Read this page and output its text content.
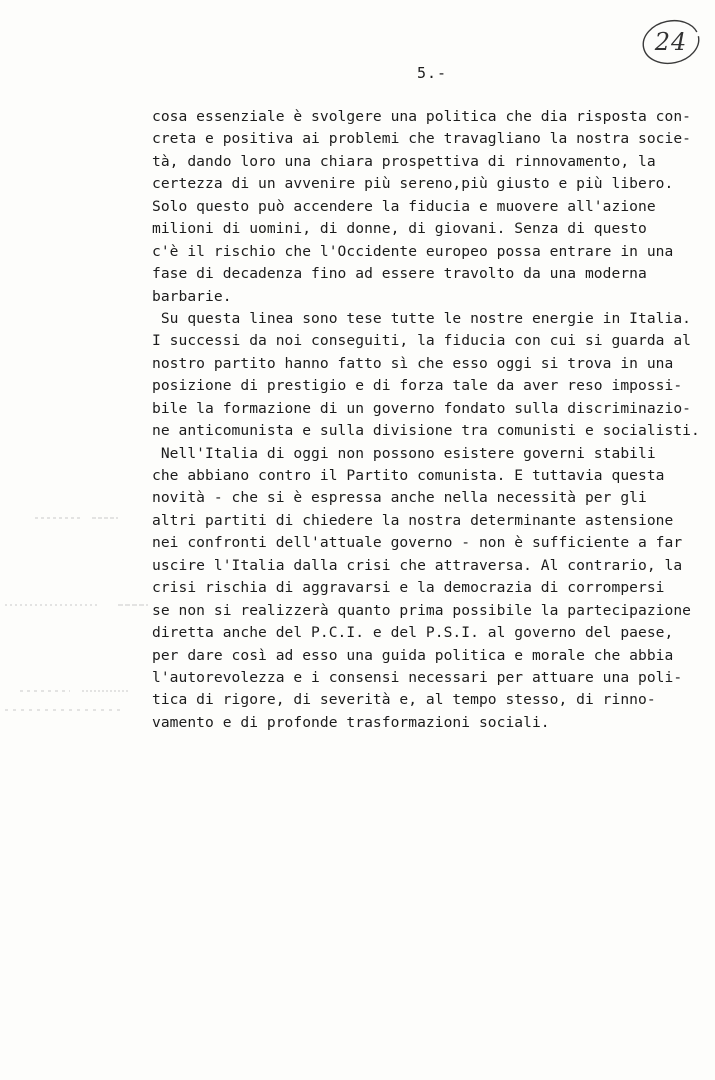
24
5.-
cosa essenziale è svolgere una politica che dia risposta con-
creta e positiva ai problemi che travagliano la nostra socie-
tà, dando loro una chiara prospettiva di rinnovamento, la
certezza di un avvenire più sereno,più giusto e più libero.
Solo questo può accendere la fiducia e muovere all'azione
milioni di uomini, di donne, di giovani. Senza di questo
c'è il rischio che l'Occidente europeo possa entrare in una
fase di decadenza fino ad essere travolto da una moderna
barbarie.
Su questa linea sono tese tutte le nostre energie in Italia.
I successi da noi conseguiti, la fiducia con cui si guarda al
nostro partito hanno fatto sì che esso oggi si trova in una
posizione di prestigio e di forza tale da aver reso impossi-
bile la formazione di un governo fondato sulla discriminazio-
ne anticomunista e sulla divisione tra comunisti e socialisti.
Nell'Italia di oggi non possono esistere governi stabili
che abbiano contro il Partito comunista. E tuttavia questa
novità - che si è espressa anche nella necessità per gli
altri partiti di chiedere la nostra determinante astensione
nei confronti dell'attuale governo - non è sufficiente a far
uscire l'Italia dalla crisi che attraversa. Al contrario, la
crisi rischia di aggravarsi e la democrazia di corrompersi
se non si realizzerà quanto prima possibile la partecipazione
diretta anche del P.C.I. e del P.S.I. al governo del paese,
per dare così ad esso una guida politica e morale che abbia
l'autorevolezza e i consensi necessari per attuare una poli-
tica di rigore, di severità e, al tempo stesso, di rinno-
vamento e di profonde trasformazioni sociali.
